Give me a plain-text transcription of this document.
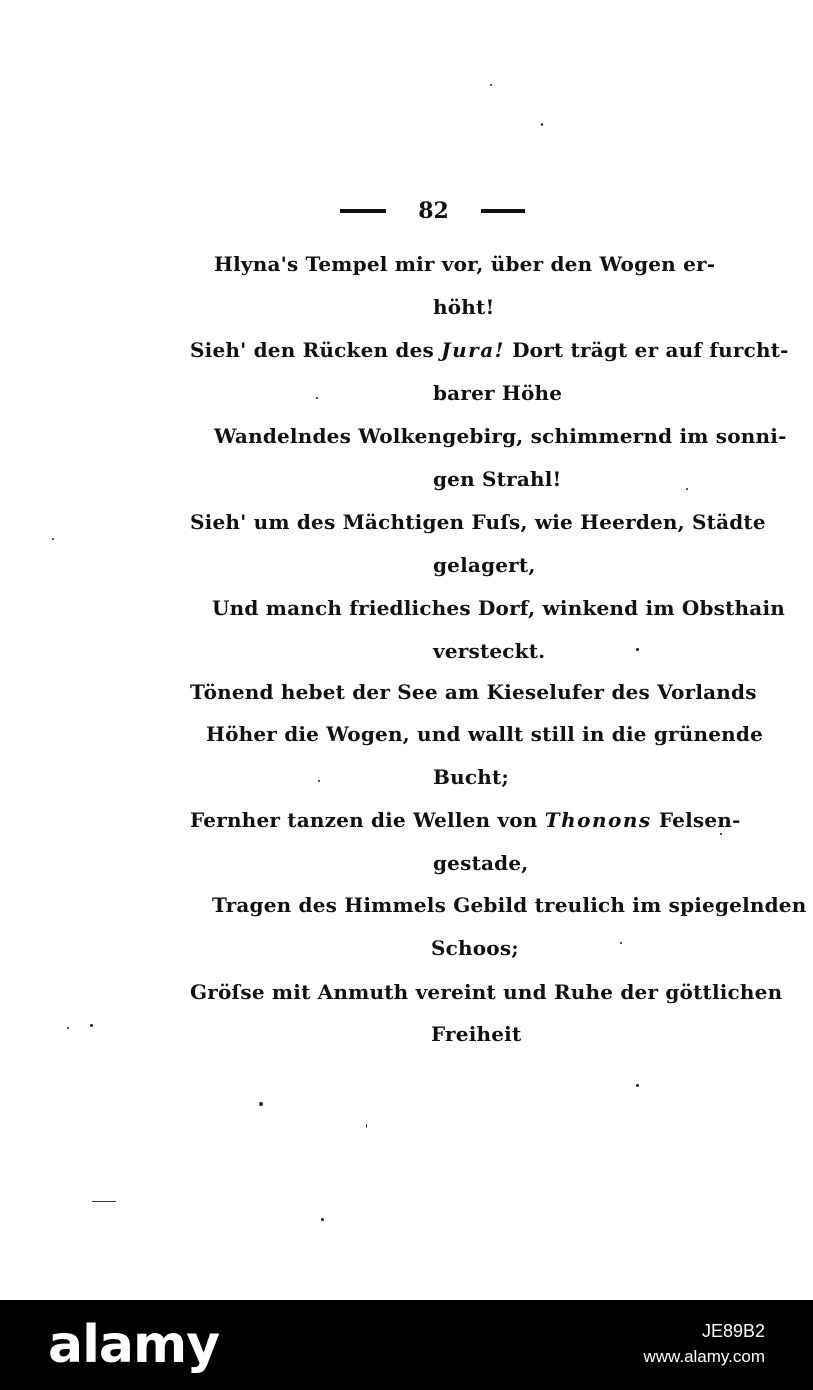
82
Hlyna's Tempel mir vor, über den Wogen er-
höht!
Sieh' den Rücken des Jura! Dort trägt er auf furcht-
barer Höhe
Wandelndes Wolkengebirg, schimmernd im sonni-
gen Strahl!
Sieh' um des Mächtigen Fuſs, wie Heerden, Städte
gelagert,
Und manch friedliches Dorf, winkend im Obsthain
versteckt.
Tönend hebet der See am Kieselufer des Vorlands
Höher die Wogen, und wallt still in die grünende
Bucht;
Fernher tanzen die Wellen von Thonons Felsen-
gestade,
Tragen des Himmels Gebild treulich im spiegelnden
Schoos;
Gröſse mit Anmuth vereint und Ruhe der göttlichen
Freiheit
alamy	JE89B2
www.alamy.com
